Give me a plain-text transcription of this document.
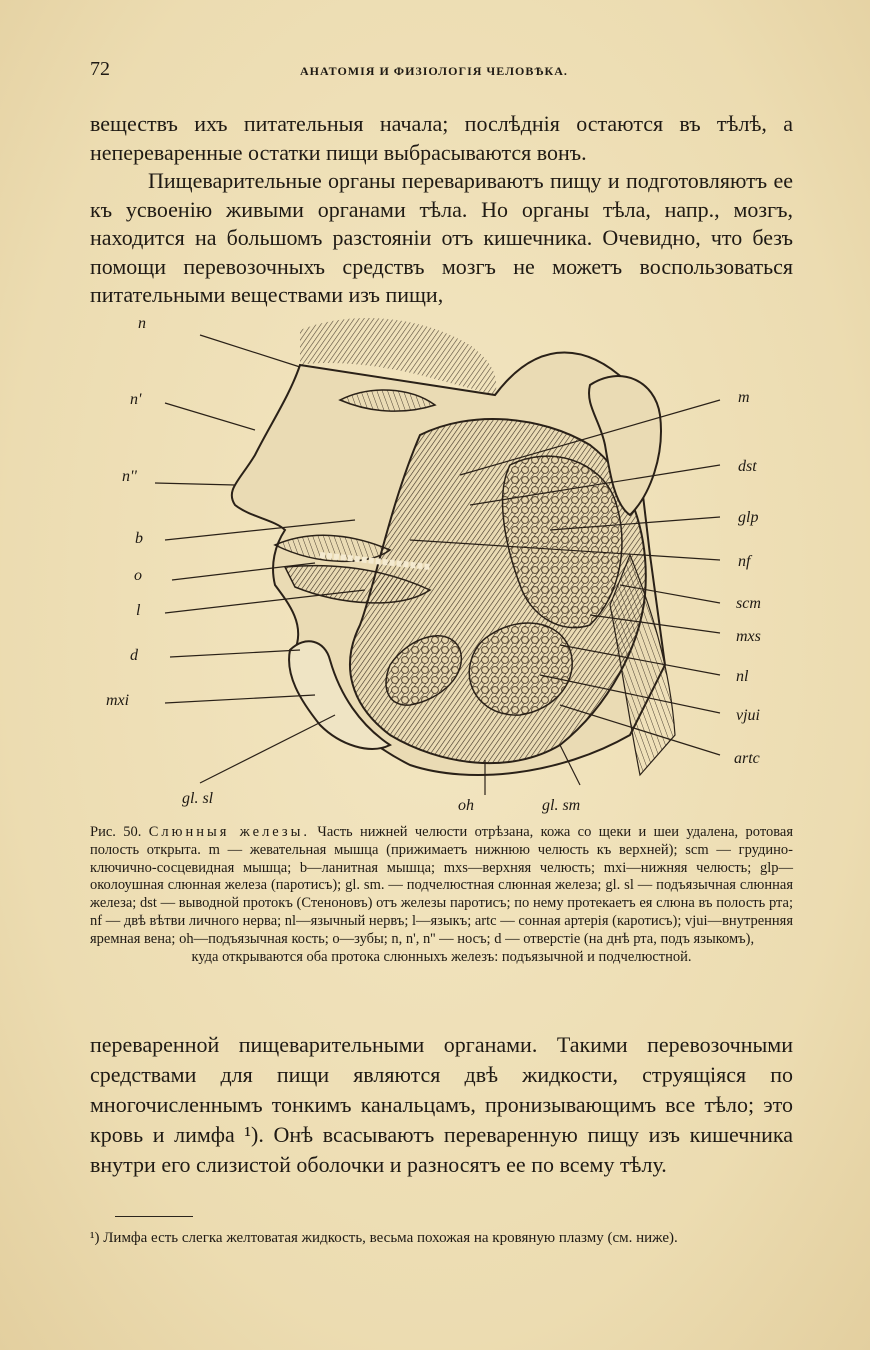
72	АНАТОМІЯ И ФИЗІОЛОГІЯ ЧЕЛОВѢКА.

веществъ ихъ питательныя начала; послѣднія остаются въ тѣлѣ, а непереваренные остатки пищи выбрасываются вонъ.

Пищеварительные органы перевариваютъ пищу и подготовляютъ ее къ усвоенію живыми органами тѣла. Но органы тѣла, напр., мозгъ, находится на большомъ разстояніи отъ кишечника. Очевидно, что безъ помощи перевозочныхъ средствъ мозгъ не можетъ воспользоваться питательными веществами изъ пищи,

n
n'
n''
b
o
l
d
mxi
m
dst
glp
nf
scm
mxs
nl
vjui
artc
gl. sl	oh	gl. sm
Рис. 50. Слюнныя железы. Часть нижней челюсти отрѣзана, кожа со щеки и шеи удалена, ротовая полость открыта. m — жевательная мышца (прижимаетъ нижнюю челюсть къ верхней); scm — грудино-ключично-сосцевидная мышца; b—ланитная мышца; mxs—верхняя челюсть; mxi—нижняя челюсть; glp—околоушная слюнная железа (паротисъ); gl. sm. — подчелюстная слюнная железа; gl. sl — подъязычная слюнная железа; dst — выводной протокъ (Стеноновъ) отъ железы паротисъ; по нему протекаетъ ея слюна въ полость рта; nf — двѣ вѣтви личного нерва; nl—язычный нервъ; l—языкъ; artc — сонная артерія (каротисъ); vjui—внутренняя яремная вена; oh—подъязычная кость; o—зубы; n, n', n'' — носъ; d — отверстіе (на днѣ рта, подъ языкомъ),
куда открываются оба протока слюнныхъ железъ: подъязычной и подчелюстной.

переваренной пищеварительными органами. Такими перевозочными средствами для пищи являются двѣ жидкости, струящіяся по многочисленнымъ тонкимъ канальцамъ, пронизывающимъ все тѣло; это кровь и лимфа ¹). Онѣ всасываютъ переваренную пищу изъ кишечника внутри его слизистой оболочки и разносятъ ее по всему тѣлу.

¹) Лимфа есть слегка желтоватая жидкость, весьма похожая на кровяную плазму (см. ниже).
